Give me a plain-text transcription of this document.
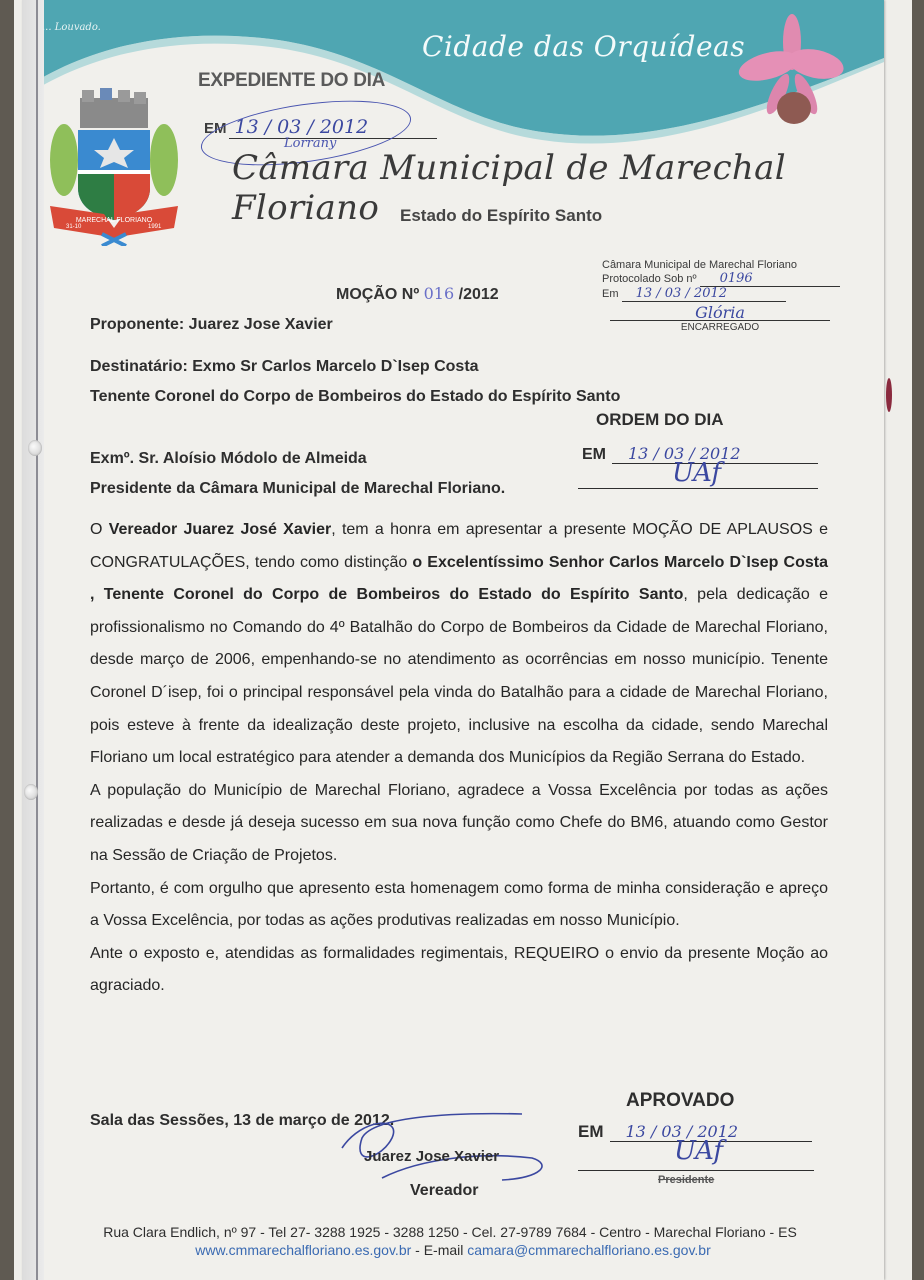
... Louvado.
Cidade das Orquídeas
MARECHAL FLORIANO
31-10	1991
EXPEDIENTE DO DIA
EM 13 / 03 / 2012
Lorrany
Câmara Municipal de Marechal Floriano	Estado do Espírito Santo
Câmara Municipal de Marechal Floriano
Protocolado Sob nº 0196
Em 13 / 03 / 2012
Glória
ENCARREGADO
MOÇÃO Nº 016 /2012
Proponente: Juarez Jose Xavier
Destinatário: Exmo Sr Carlos Marcelo D`Isep Costa
Tenente Coronel do Corpo de Bombeiros do Estado do Espírito Santo
Exmº. Sr. Aloísio Módolo de Almeida
Presidente da Câmara Municipal de Marechal Floriano.
ORDEM DO DIA
EM 13 / 03 / 2012
UAf

O Vereador Juarez José Xavier, tem a honra em apresentar a presente MOÇÃO DE APLAUSOS e CONGRATULAÇÕES, tendo como distinção o Excelentíssimo Senhor Carlos Marcelo D`Isep Costa , Tenente Coronel do Corpo de Bombeiros do Estado do Espírito Santo, pela dedicação e profissionalismo no Comando do 4º Batalhão do Corpo de Bombeiros da Cidade de Marechal Floriano, desde março de 2006, empenhando-se no atendimento as ocorrências em nosso município. Tenente Coronel D´isep, foi o principal responsável pela vinda do Batalhão para a cidade de Marechal Floriano, pois esteve à frente da idealização deste projeto, inclusive na escolha da cidade, sendo Marechal Floriano um local estratégico para atender a demanda dos Municípios da Região Serrana do Estado.

A população do Município de Marechal Floriano, agradece a Vossa Excelência por todas as ações realizadas e desde já deseja sucesso em sua nova função como Chefe do BM6, atuando como Gestor na Sessão de Criação de Projetos.

Portanto, é com orgulho que apresento esta homenagem como forma de minha consideração e apreço a Vossa Excelência, por todas as ações produtivas realizadas em nosso Município.

Ante o exposto e, atendidas as formalidades regimentais, REQUEIRO o envio da presente Moção ao agraciado.

Sala das Sessões, 13 de março de 2012.
Juarez Jose Xavier
Vereador
APROVADO
EM 13 / 03 / 2012
UAf
Presidente
Rua Clara Endlich, nº 97 - Tel 27- 3288 1925 - 3288 1250 - Cel. 27-9789 7684 - Centro - Marechal Floriano - ES
www.cmmarechalfloriano.es.gov.br - E-mail camara@cmmarechalfloriano.es.gov.br
